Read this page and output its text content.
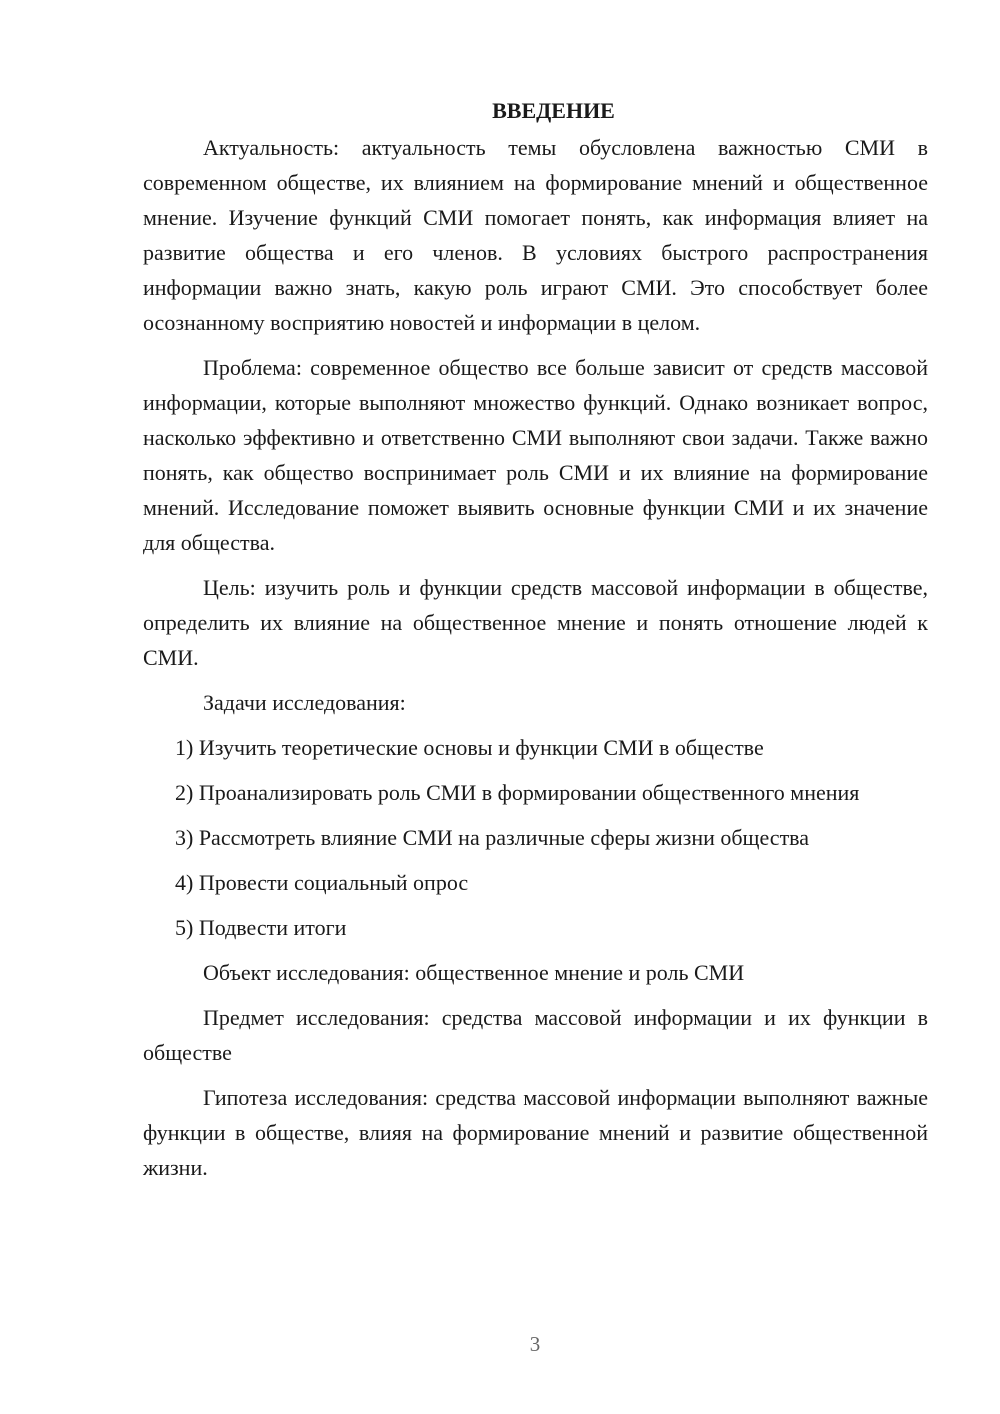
ВВЕДЕНИЕ

Актуальность: актуальность темы обусловлена важностью СМИ в современном обществе, их влиянием на формирование мнений и общественное мнение. Изучение функций СМИ помогает понять, как информация влияет на развитие общества и его членов. В условиях быстрого распространения информации важно знать, какую роль играют СМИ. Это способствует более осознанному восприятию новостей и информации в целом.

Проблема: современное общество все больше зависит от средств массовой информации, которые выполняют множество функций. Однако возникает вопрос, насколько эффективно и ответственно СМИ выполняют свои задачи. Также важно понять, как общество воспринимает роль СМИ и их влияние на формирование мнений. Исследование поможет выявить основные функции СМИ и их значение для общества.

Цель: изучить роль и функции средств массовой информации в обществе, определить их влияние на общественное мнение и понять отношение людей к СМИ.

Задачи исследования:

1) Изучить теоретические основы и функции СМИ в обществе

2) Проанализировать роль СМИ в формировании общественного мнения

3) Рассмотреть влияние СМИ на различные сферы жизни общества

4) Провести социальный опрос

5) Подвести итоги

Объект исследования: общественное мнение и роль СМИ

Предмет исследования: средства массовой информации и их функции в обществе

Гипотеза исследования: средства массовой информации выполняют важные функции в обществе, влияя на формирование мнений и развитие общественной жизни.

3
